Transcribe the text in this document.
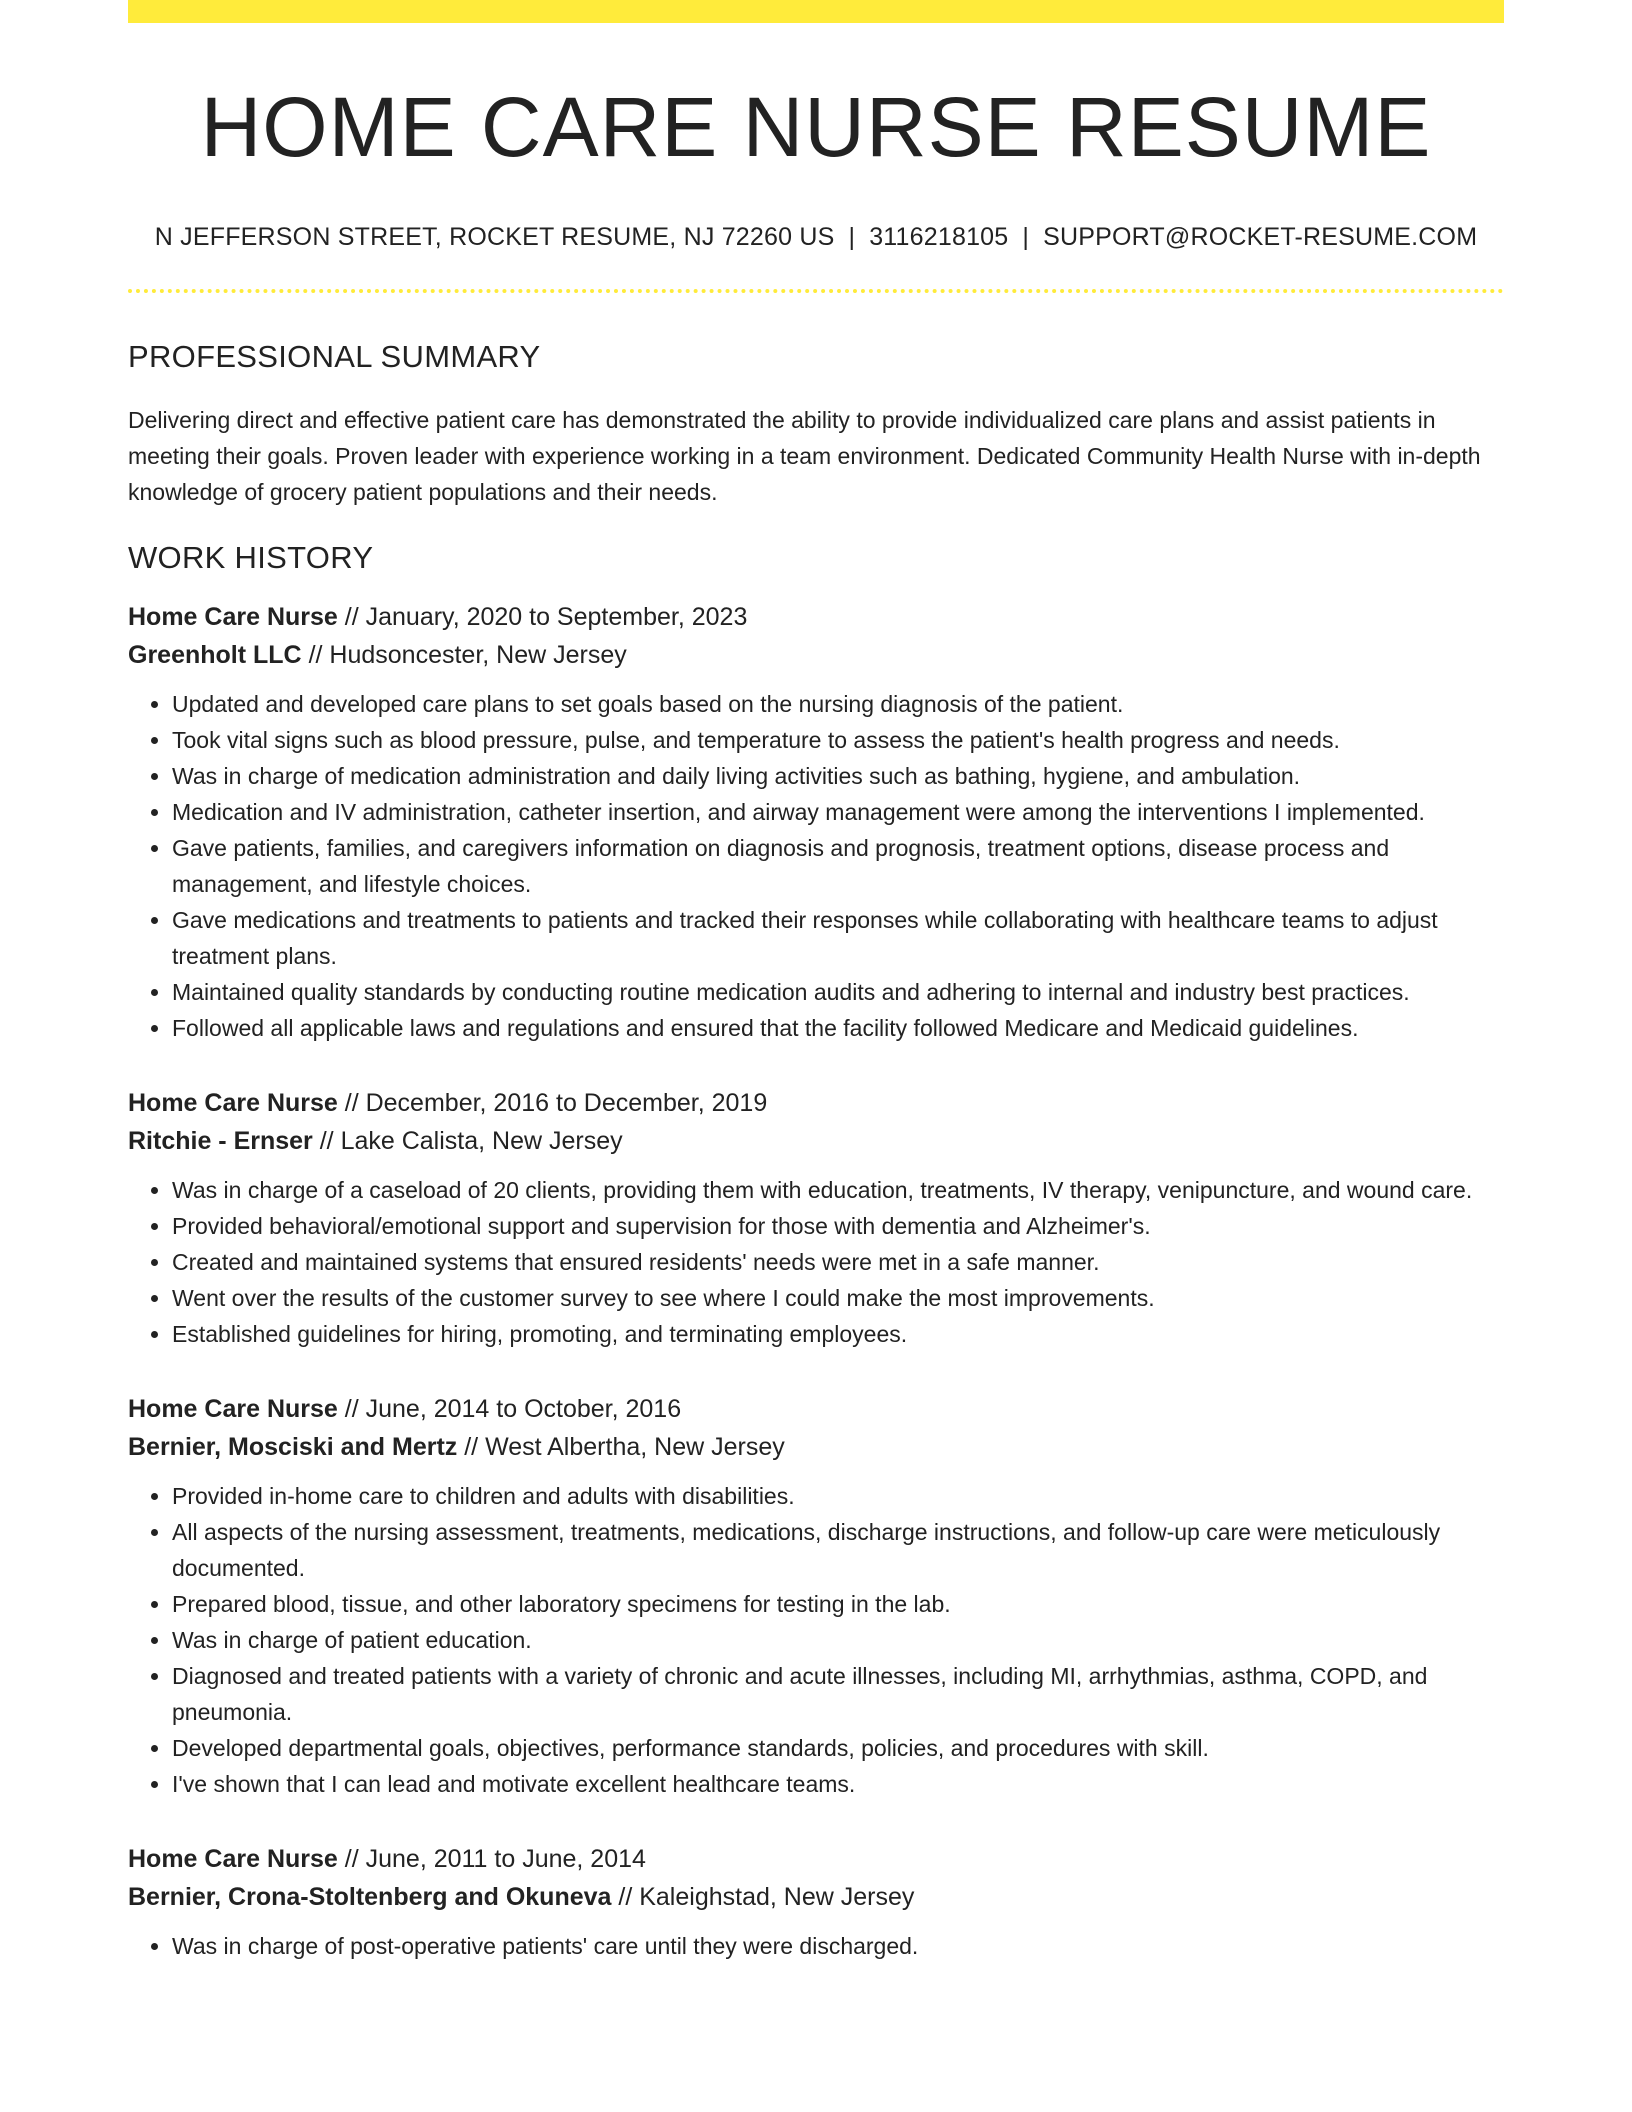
HOME CARE NURSE RESUME
N JEFFERSON STREET, ROCKET RESUME, NJ 72260 US | 3116218105 | SUPPORT@ROCKET-RESUME.COM
PROFESSIONAL SUMMARY

Delivering direct and effective patient care has demonstrated the ability to provide individualized care plans and assist patients in meeting their goals. Proven leader with experience working in a team environment. Dedicated Community Health Nurse with in-depth knowledge of grocery patient populations and their needs.

WORK HISTORY
Home Care Nurse // January, 2020 to September, 2023
Greenholt LLC // Hudsoncester, New Jersey
• Updated and developed care plans to set goals based on the nursing diagnosis of the patient.
• Took vital signs such as blood pressure, pulse, and temperature to assess the patient's health progress and needs.
• Was in charge of medication administration and daily living activities such as bathing, hygiene, and ambulation.
• Medication and IV administration, catheter insertion, and airway management were among the interventions I implemented.
• Gave patients, families, and caregivers information on diagnosis and prognosis, treatment options, disease process and management, and lifestyle choices.
• Gave medications and treatments to patients and tracked their responses while collaborating with healthcare teams to adjust treatment plans.
• Maintained quality standards by conducting routine medication audits and adhering to internal and industry best practices.
• Followed all applicable laws and regulations and ensured that the facility followed Medicare and Medicaid guidelines.
Home Care Nurse // December, 2016 to December, 2019
Ritchie - Ernser // Lake Calista, New Jersey
• Was in charge of a caseload of 20 clients, providing them with education, treatments, IV therapy, venipuncture, and wound care.
• Provided behavioral/emotional support and supervision for those with dementia and Alzheimer's.
• Created and maintained systems that ensured residents' needs were met in a safe manner.
• Went over the results of the customer survey to see where I could make the most improvements.
• Established guidelines for hiring, promoting, and terminating employees.
Home Care Nurse // June, 2014 to October, 2016
Bernier, Mosciski and Mertz // West Albertha, New Jersey
• Provided in-home care to children and adults with disabilities.
• All aspects of the nursing assessment, treatments, medications, discharge instructions, and follow-up care were meticulously documented.
• Prepared blood, tissue, and other laboratory specimens for testing in the lab.
• Was in charge of patient education.
• Diagnosed and treated patients with a variety of chronic and acute illnesses, including MI, arrhythmias, asthma, COPD, and pneumonia.
• Developed departmental goals, objectives, performance standards, policies, and procedures with skill.
• I've shown that I can lead and motivate excellent healthcare teams.
Home Care Nurse // June, 2011 to June, 2014
Bernier, Crona-Stoltenberg and Okuneva // Kaleighstad, New Jersey
• Was in charge of post-operative patients' care until they were discharged.
